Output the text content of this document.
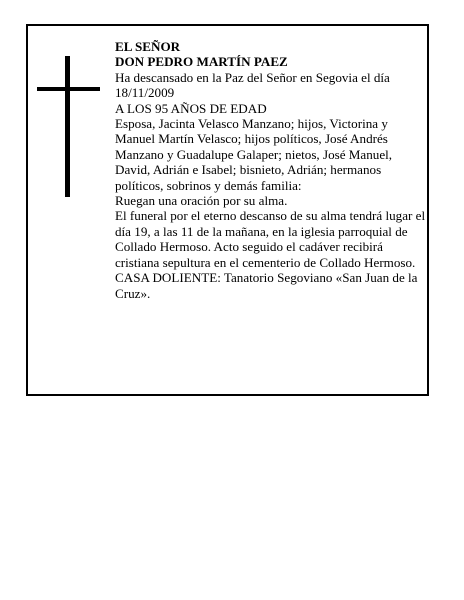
EL SEÑOR

DON PEDRO MARTÍN PAEZ

Ha descansado en la Paz del Señor en Segovia el día 18/11/2009

A LOS 95 AÑOS DE EDAD

Esposa, Jacinta Velasco Manzano; hijos, Victorina y Manuel Martín Velasco; hijos políticos, José Andrés Manzano y Guadalupe Galaper; nietos, José Manuel, David, Adrián e Isabel; bisnieto, Adrián; hermanos políticos, sobrinos y demás familia:

Ruegan una oración por su alma.

El funeral por el eterno descanso de su alma tendrá lugar el día 19, a las 11 de la mañana, en la iglesia parroquial de Collado Hermoso. Acto seguido el cadáver recibirá cristiana sepultura en el cementerio de Collado Hermoso.

CASA DOLIENTE: Tanatorio Segoviano «San Juan de la Cruz».
